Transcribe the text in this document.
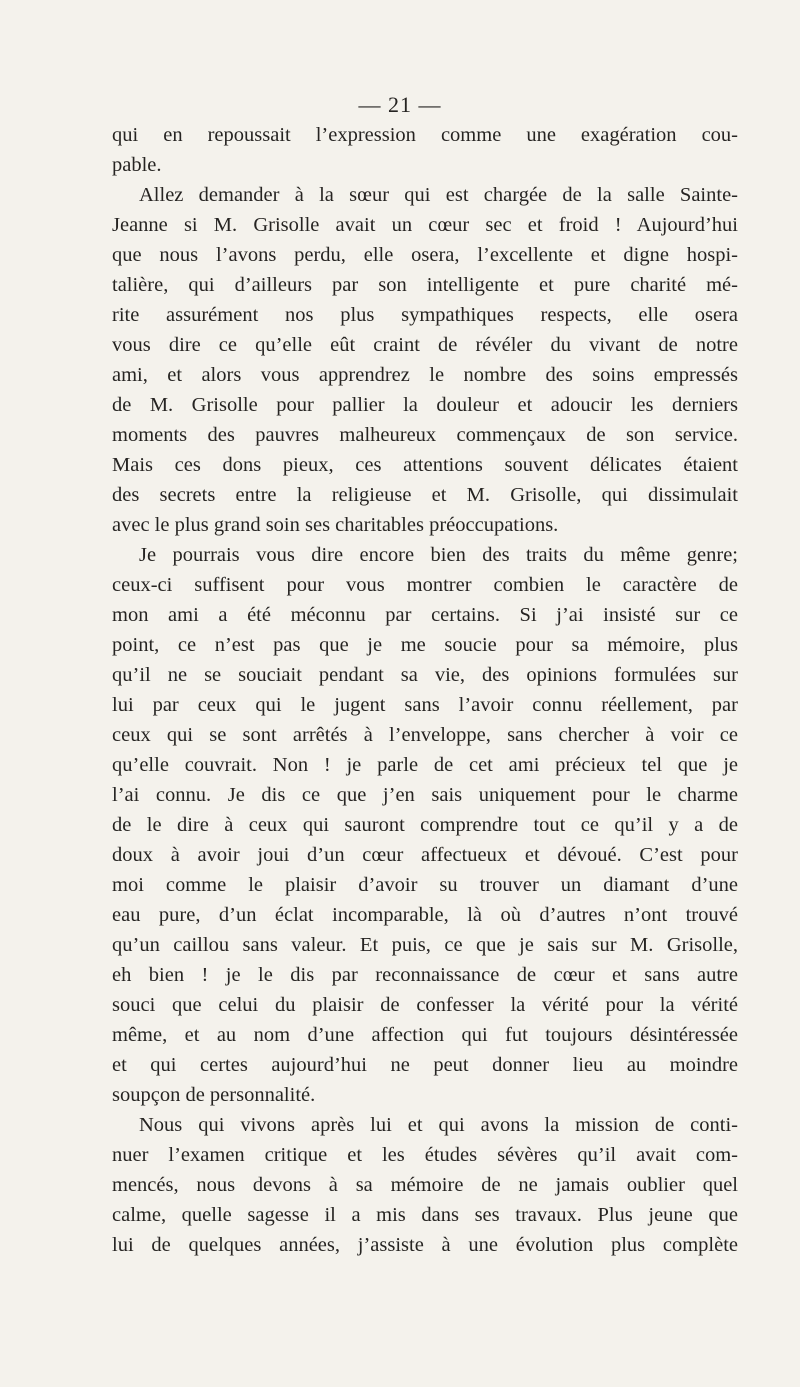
— 21 —
qui en repoussait l’expression comme une exagération cou-
pable.
Allez demander à la sœur qui est chargée de la salle Sainte-
Jeanne si M. Grisolle avait un cœur sec et froid ! Aujourd’hui
que nous l’avons perdu, elle osera, l’excellente et digne hospi-
talière, qui d’ailleurs par son intelligente et pure charité mé-
rite assurément nos plus sympathiques respects, elle osera
vous dire ce qu’elle eût craint de révéler du vivant de notre
ami, et alors vous apprendrez le nombre des soins empressés
de M. Grisolle pour pallier la douleur et adoucir les derniers
moments des pauvres malheureux commençaux de son service.
Mais ces dons pieux, ces attentions souvent délicates étaient
des secrets entre la religieuse et M. Grisolle, qui dissimulait
avec le plus grand soin ses charitables préoccupations.
Je pourrais vous dire encore bien des traits du même genre;
ceux-ci suffisent pour vous montrer combien le caractère de
mon ami a été méconnu par certains. Si j’ai insisté sur ce
point, ce n’est pas que je me soucie pour sa mémoire, plus
qu’il ne se souciait pendant sa vie, des opinions formulées sur
lui par ceux qui le jugent sans l’avoir connu réellement, par
ceux qui se sont arrêtés à l’enveloppe, sans chercher à voir ce
qu’elle couvrait. Non ! je parle de cet ami précieux tel que je
l’ai connu. Je dis ce que j’en sais uniquement pour le charme
de le dire à ceux qui sauront comprendre tout ce qu’il y a de
doux à avoir joui d’un cœur affectueux et dévoué. C’est pour
moi comme le plaisir d’avoir su trouver un diamant d’une
eau pure, d’un éclat incomparable, là où d’autres n’ont trouvé
qu’un caillou sans valeur. Et puis, ce que je sais sur M. Grisolle,
eh bien ! je le dis par reconnaissance de cœur et sans autre
souci que celui du plaisir de confesser la vérité pour la vérité
même, et au nom d’une affection qui fut toujours désintéressée
et qui certes aujourd’hui ne peut donner lieu au moindre
soupçon de personnalité.
Nous qui vivons après lui et qui avons la mission de conti-
nuer l’examen critique et les études sévères qu’il avait com-
mencés, nous devons à sa mémoire de ne jamais oublier quel
calme, quelle sagesse il a mis dans ses travaux. Plus jeune que
lui de quelques années, j’assiste à une évolution plus complète
